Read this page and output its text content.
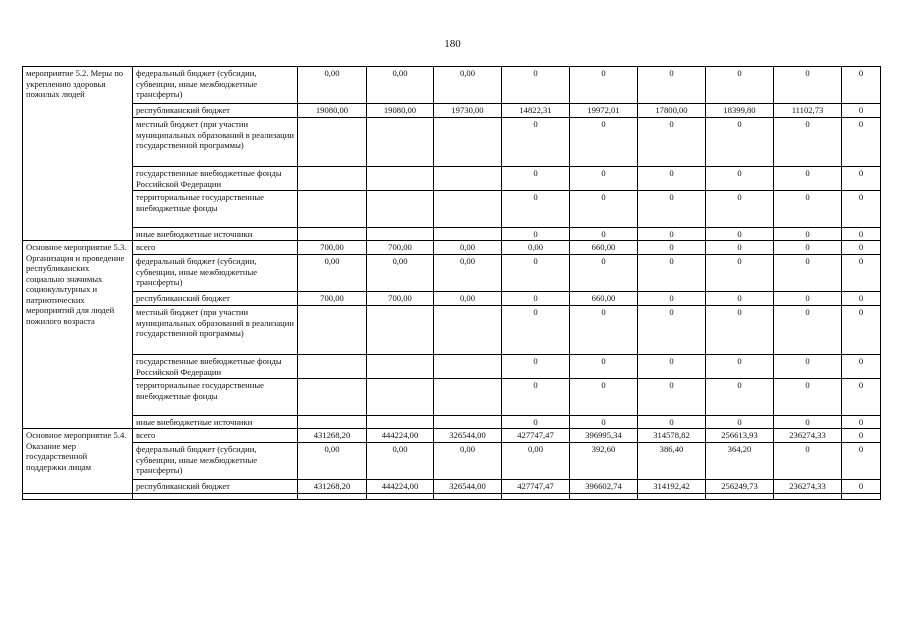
180
мероприятие 5.2. Меры по укреплению здоровья пожилых людей	федеральный бюджет (субсидии, субвенции, иные межбюджетные трансферты)	0,00	0,00	0,00	0	0	0	0	0	0
	республиканский бюджет	19080,00	19080,00	19730,00	14822,31	19972,01	17800,00	18399,80	11102,73	0
	местный бюджет (при участии муниципальных образований в реализации государственной программы)				0	0	0	0	0	0
	государственные внебюджетные фонды Российской Федерации				0	0	0	0	0	0
	территориальные государственные внебюджетные фонды				0	0	0	0	0	0
	иные внебюджетные источники				0	0	0	0	0	0
Основное мероприятие 5.3. Организация и проведение республиканских социально значимых социокультурных и патриотических мероприятий для людей пожилого возраста	всего	700,00	700,00	0,00	0,00	660,00	0	0	0	0
	федеральный бюджет (субсидии, субвенции, иные межбюджетные трансферты)	0,00	0,00	0,00	0	0	0	0	0	0
	республиканский бюджет	700,00	700,00	0,00	0	660,00	0	0	0	0
	местный бюджет (при участии муниципальных образований в реализации государственной программы)				0	0	0	0	0	0
	государственные внебюджетные фонды Российской Федерации				0	0	0	0	0	0
	территориальные государственные внебюджетные фонды				0	0	0	0	0	0
	иные внебюджетные источники				0	0	0	0	0	0
Основное мероприятие 5.4. Оказание мер государственной поддержки лицам	всего	431268,20	444224,00	326544,00	427747,47	396995,34	314578,82	256613,93	236274,33	0
	федеральный бюджет (субсидии, субвенции, иные межбюджетные трансферты)	0,00	0,00	0,00	0,00	392,60	386,40	364,20	0	0
	республиканский бюджет	431268,20	444224,00	326544,00	427747,47	396602,74	314192,42	256249,73	236274,33	0
